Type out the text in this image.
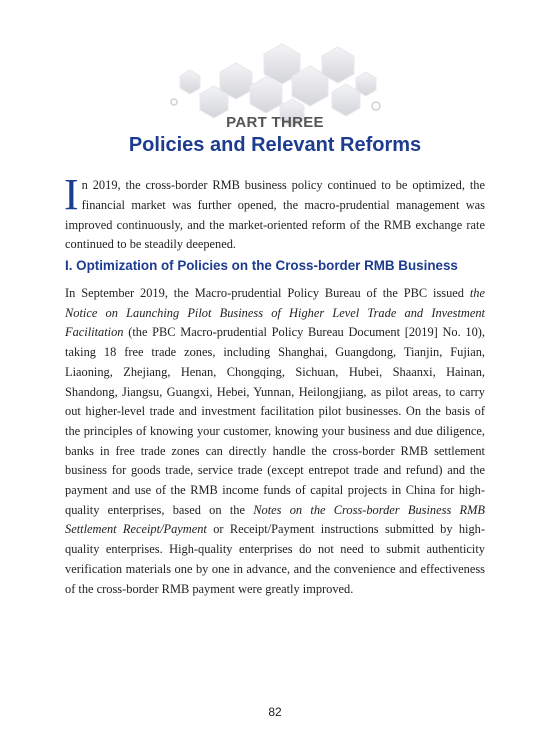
PART THREE
Policies and Relevant Reforms
In 2019, the cross-border RMB business policy continued to be optimized, the financial market was further opened, the macro-prudential management was improved continuously, and the market-oriented reform of the RMB exchange rate continued to be steadily deepened.
I. Optimization of Policies on the Cross-border RMB Business
In September 2019, the Macro-prudential Policy Bureau of the PBC issued the Notice on Launching Pilot Business of Higher Level Trade and Investment Facilitation (the PBC Macro-prudential Policy Bureau Document [2019] No. 10), taking 18 free trade zones, including Shanghai, Guangdong, Tianjin, Fujian, Liaoning, Zhejiang, Henan, Chongqing, Sichuan, Hubei, Shaanxi, Hainan, Shandong, Jiangsu, Guangxi, Hebei, Yunnan, Heilongjiang, as pilot areas, to carry out higher-level trade and investment facilitation pilot businesses. On the basis of the principles of knowing your customer, knowing your business and due diligence, banks in free trade zones can directly handle the cross-border RMB settlement business for goods trade, service trade (except entrepot trade and refund) and the payment and use of the RMB income funds of capital projects in China for high-quality enterprises, based on the Notes on the Cross-border Business RMB Settlement Receipt/Payment or Receipt/Payment instructions submitted by high-quality enterprises. High-quality enterprises do not need to submit authenticity verification materials one by one in advance, and the convenience and effectiveness of the cross-border RMB payment were greatly improved.
82
